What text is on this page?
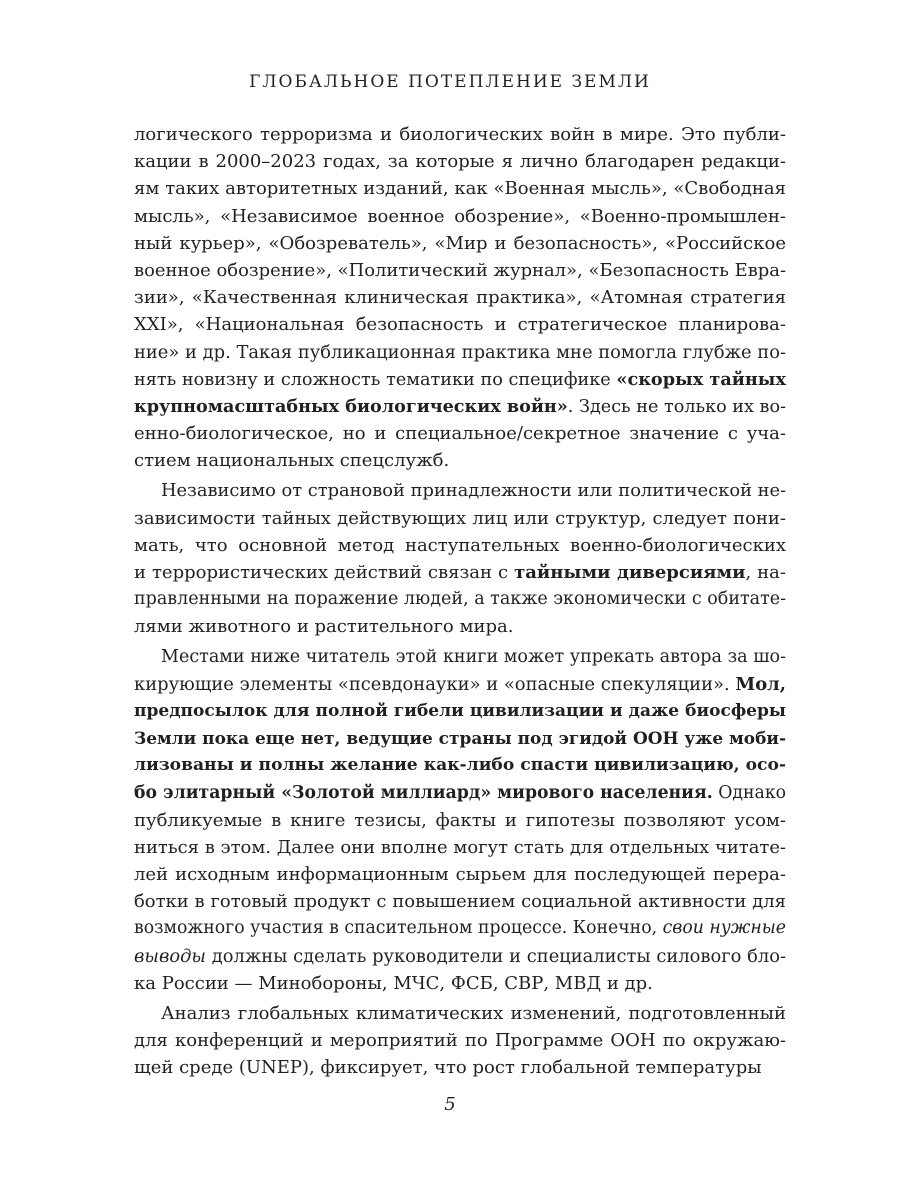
ГЛОБАЛЬНОЕ ПОТЕПЛЕНИЕ ЗЕМЛИ
логического терроризма и биологических войн в мире. Это публи-
кации в 2000–2023 годах, за которые я лично благодарен редакци-
ям таких авторитетных изданий, как «Военная мысль», «Свободная
мысль», «Независимое военное обозрение», «Военно-промышлен-
ный курьер», «Обозреватель», «Мир и безопасность», «Российское
военное обозрение», «Политический журнал», «Безопасность Евра-
зии», «Качественная клиническая практика», «Атомная стратегия
XXI», «Национальная безопасность и стратегическое планирова-
ние» и др. Такая публикационная практика мне помогла глубже по-
нять новизну и сложность тематики по специфике «скорых тайных
крупномасштабных биологических войн». Здесь не только их во-
енно-биологическое, но и специальное/секретное значение с уча-
стием национальных спецслужб.
Независимо от страновой принадлежности или политической не-
зависимости тайных действующих лиц или структур, следует пони-
мать, что основной метод наступательных военно-биологических
и террористических действий связан с тайными диверсиями, на-
правленными на поражение людей, а также экономически с обитате-
лями животного и растительного мира.
Местами ниже читатель этой книги может упрекать автора за шо-
кирующие элементы «псевдонауки» и «опасные спекуляции». Мол,
предпосылок для полной гибели цивилизации и даже биосферы
Земли пока еще нет, ведущие страны под эгидой ООН уже моби-
лизованы и полны желание как-либо спасти цивилизацию, осо-
бо элитарный «Золотой миллиард» мирового населения. Однако
публикуемые в книге тезисы, факты и гипотезы позволяют усом-
ниться в этом. Далее они вполне могут стать для отдельных читате-
лей исходным информационным сырьем для последующей перера-
ботки в готовый продукт с повышением социальной активности для
возможного участия в спасительном процессе. Конечно, свои нужные
выводы должны сделать руководители и специалисты силового бло-
ка России — Минобороны, МЧС, ФСБ, СВР, МВД и др.
Анализ глобальных климатических изменений, подготовленный
для конференций и мероприятий по Программе ООН по окружаю-
щей среде (UNEP), фиксирует, что рост глобальной температуры
5
